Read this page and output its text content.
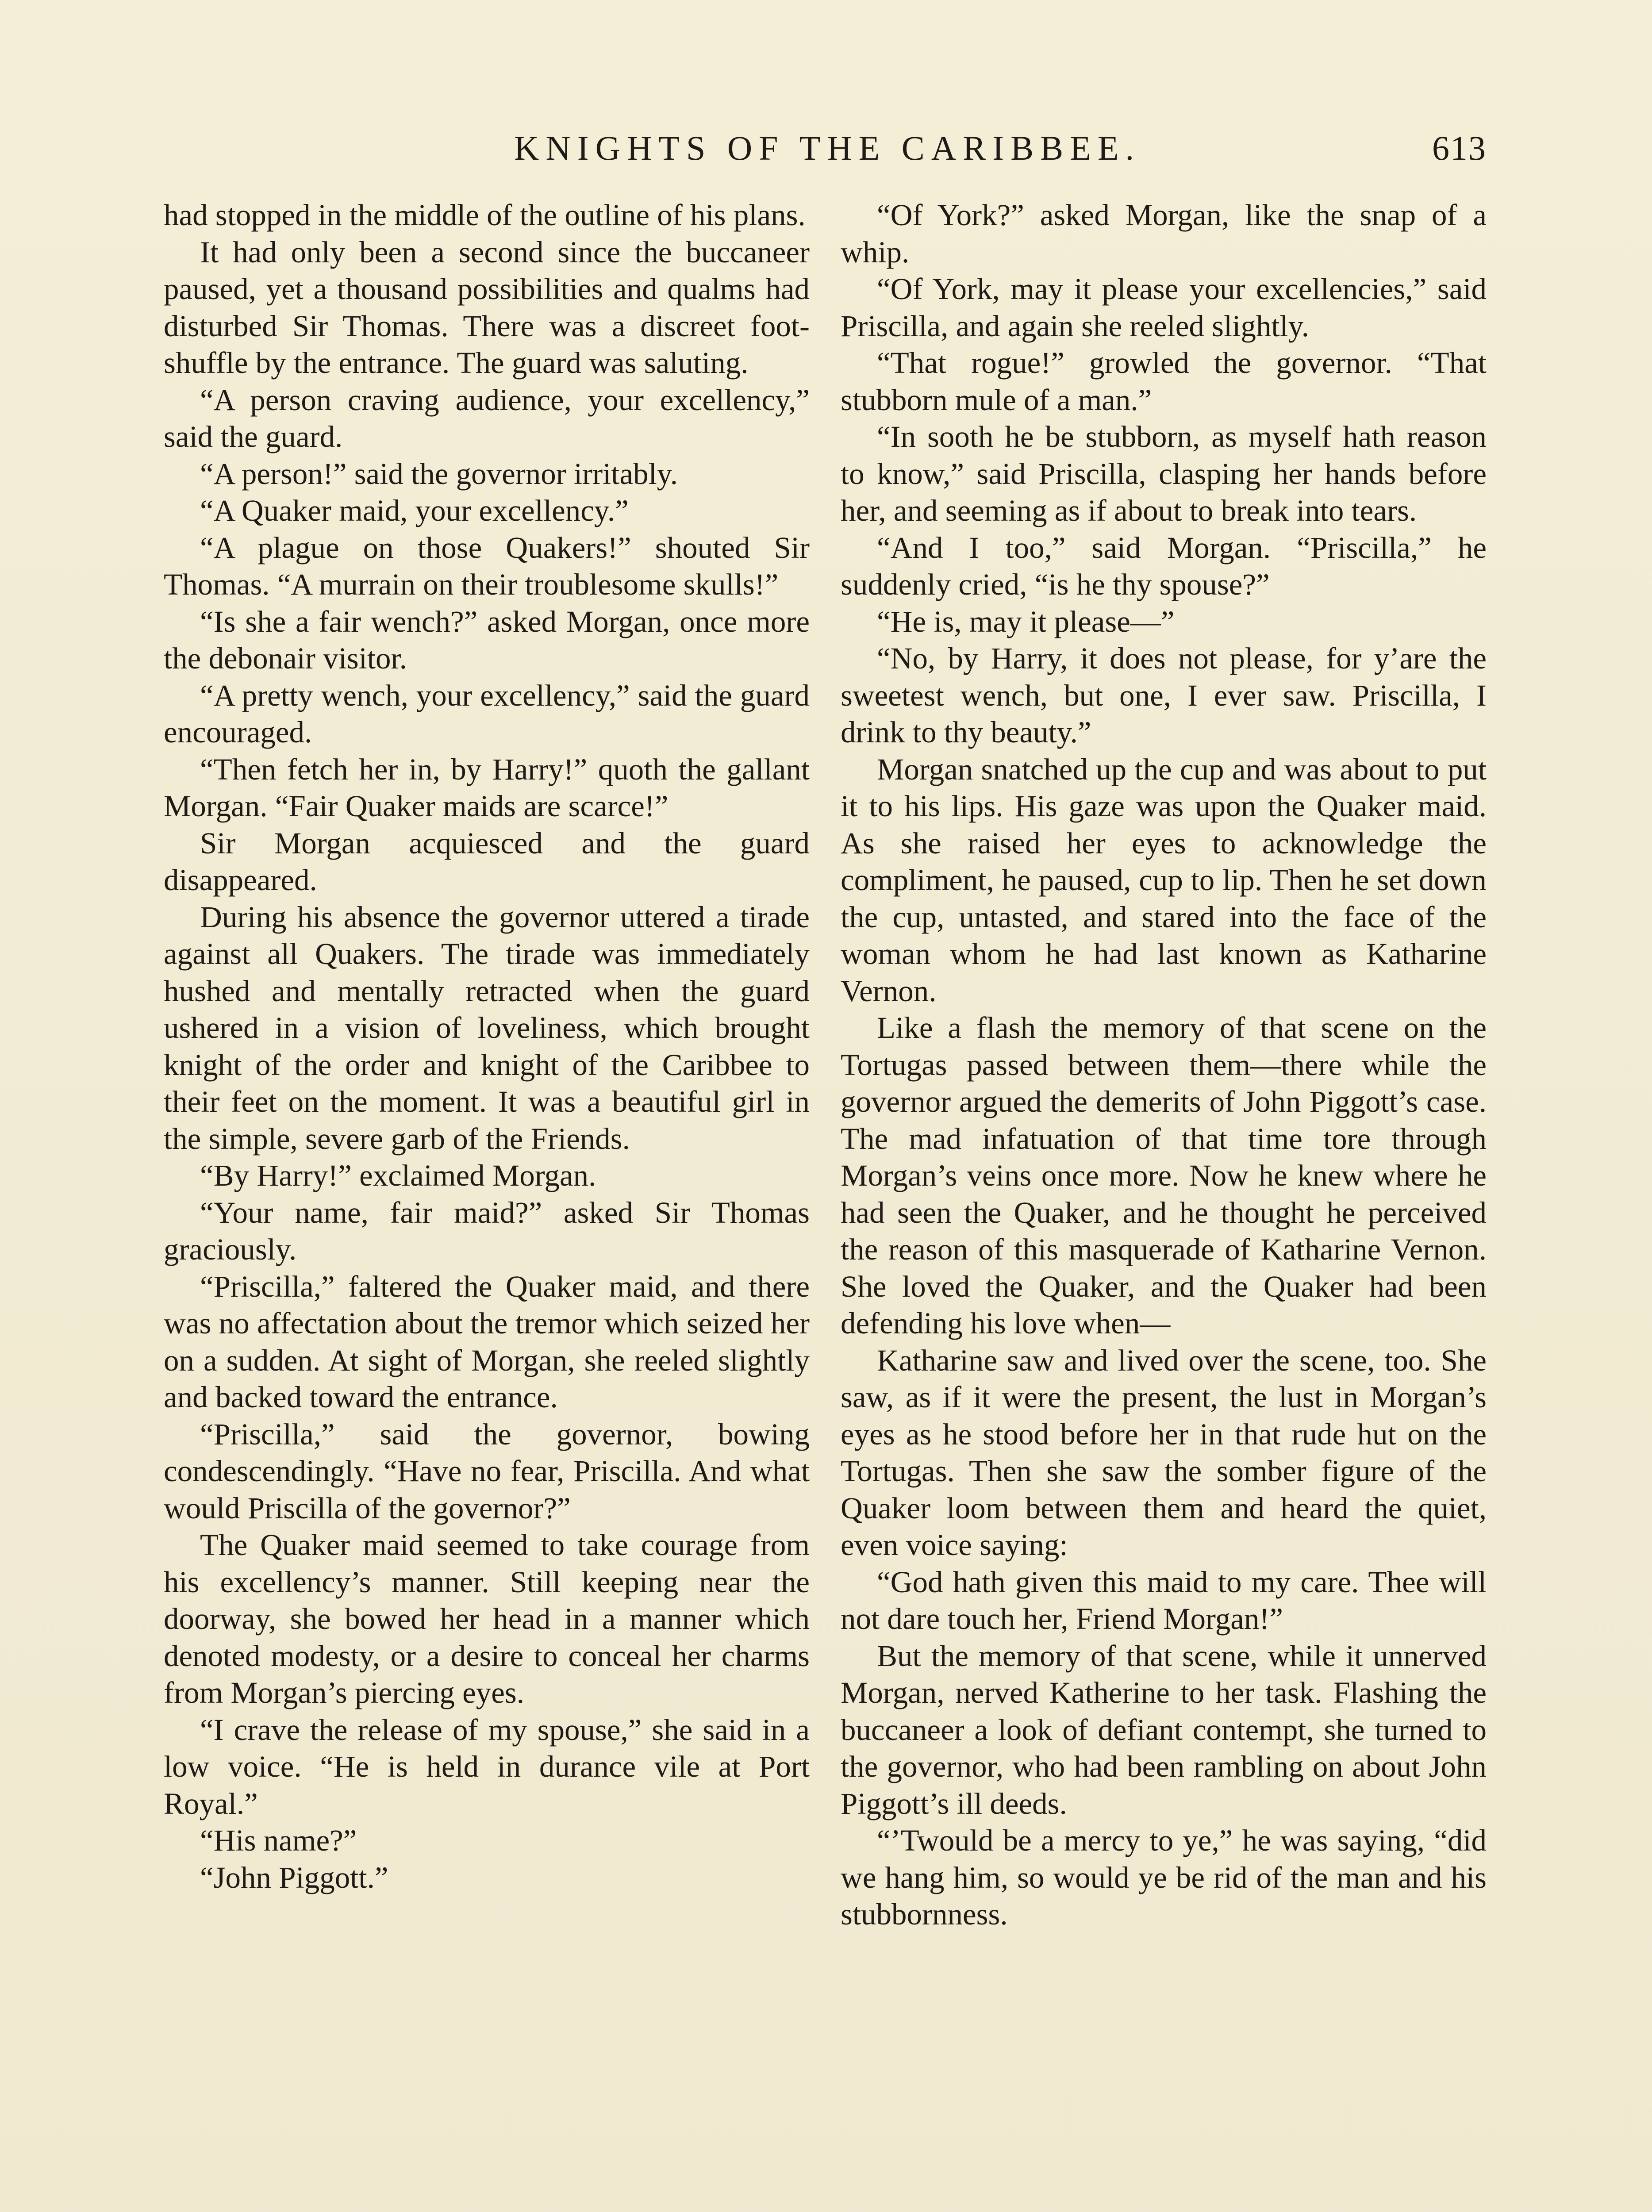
KNIGHTS OF THE CARIBBEE.	613

had stopped in the middle of the outline of his plans.

It had only been a second since the buccaneer paused, yet a thousand possibilities and qualms had disturbed Sir Thomas. There was a discreet foot-shuffle by the entrance. The guard was saluting.

“A person craving audience, your excellency,” said the guard.

“A person!” said the governor irritably.

“A Quaker maid, your excellency.”

“A plague on those Quakers!” shouted Sir Thomas. “A murrain on their troublesome skulls!”

“Is she a fair wench?” asked Morgan, once more the debonair visitor.

“A pretty wench, your excellency,” said the guard encouraged.

“Then fetch her in, by Harry!” quoth the gallant Morgan. “Fair Quaker maids are scarce!”

Sir Morgan acquiesced and the guard disappeared.

During his absence the governor uttered a tirade against all Quakers. The tirade was immediately hushed and mentally retracted when the guard ushered in a vision of loveliness, which brought knight of the order and knight of the Caribbee to their feet on the moment. It was a beautiful girl in the simple, severe garb of the Friends.

“By Harry!” exclaimed Morgan.

“Your name, fair maid?” asked Sir Thomas graciously.

“Priscilla,” faltered the Quaker maid, and there was no affectation about the tremor which seized her on a sudden. At sight of Morgan, she reeled slightly and backed toward the entrance.

“Priscilla,” said the governor, bowing condescendingly. “Have no fear, Priscilla. And what would Priscilla of the governor?”

The Quaker maid seemed to take courage from his excellency’s manner. Still keeping near the doorway, she bowed her head in a manner which denoted modesty, or a desire to conceal her charms from Morgan’s piercing eyes.

“I crave the release of my spouse,” she said in a low voice. “He is held in durance vile at Port Royal.”

“His name?”

“John Piggott.”

“Of York?” asked Morgan, like the snap of a whip.

“Of York, may it please your excellencies,” said Priscilla, and again she reeled slightly.

“That rogue!” growled the governor. “That stubborn mule of a man.”

“In sooth he be stubborn, as myself hath reason to know,” said Priscilla, clasping her hands before her, and seeming as if about to break into tears.

“And I too,” said Morgan. “Priscilla,” he suddenly cried, “is he thy spouse?”

“He is, may it please—”

“No, by Harry, it does not please, for y’are the sweetest wench, but one, I ever saw. Priscilla, I drink to thy beauty.”

Morgan snatched up the cup and was about to put it to his lips. His gaze was upon the Quaker maid. As she raised her eyes to acknowledge the compliment, he paused, cup to lip. Then he set down the cup, untasted, and stared into the face of the woman whom he had last known as Katharine Vernon.

Like a flash the memory of that scene on the Tortugas passed between them—there while the governor argued the demerits of John Piggott’s case. The mad infatuation of that time tore through Morgan’s veins once more. Now he knew where he had seen the Quaker, and he thought he perceived the reason of this masquerade of Katharine Vernon. She loved the Quaker, and the Quaker had been defending his love when—

Katharine saw and lived over the scene, too. She saw, as if it were the present, the lust in Morgan’s eyes as he stood before her in that rude hut on the Tortugas. Then she saw the somber figure of the Quaker loom between them and heard the quiet, even voice saying:

“God hath given this maid to my care. Thee will not dare touch her, Friend Morgan!”

But the memory of that scene, while it unnerved Morgan, nerved Katherine to her task. Flashing the buccaneer a look of defiant contempt, she turned to the governor, who had been rambling on about John Piggott’s ill deeds.

“’Twould be a mercy to ye,” he was saying, “did we hang him, so would ye be rid of the man and his stubbornness.
